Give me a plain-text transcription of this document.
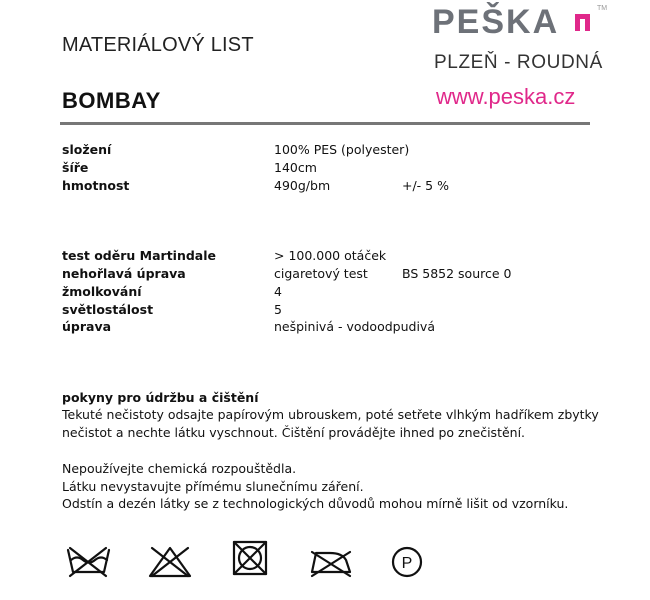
MATERIÁLOVÝ LIST
BOMBAY
PEŠKA	TM
PLZEŇ - ROUDNÁ
www.peska.cz
složení	100% PES (polyester)
šíře	140cm
hmotnost	490g/bm	+/- 5 %
test oděru Martindale	> 100.000 otáček
nehořlavá úprava	cigaretový test	BS 5852 source 0
žmolkování	4
světlostálost	5
úprava	nešpinivá - vodoodpudivá
pokyny pro údržbu a čištění
Tekuté nečistoty odsajte papírovým ubrouskem, poté setřete vlhkým hadříkem zbytky nečistot a nechte látku vyschnout. Čištění provádějte ihned po znečistění.
Nepoužívejte chemická rozpouštědla.
Látku nevystavujte přímému slunečnímu záření.
Odstín a dezén látky se z technologických důvodů mohou mírně lišit od vzorníku.
P
